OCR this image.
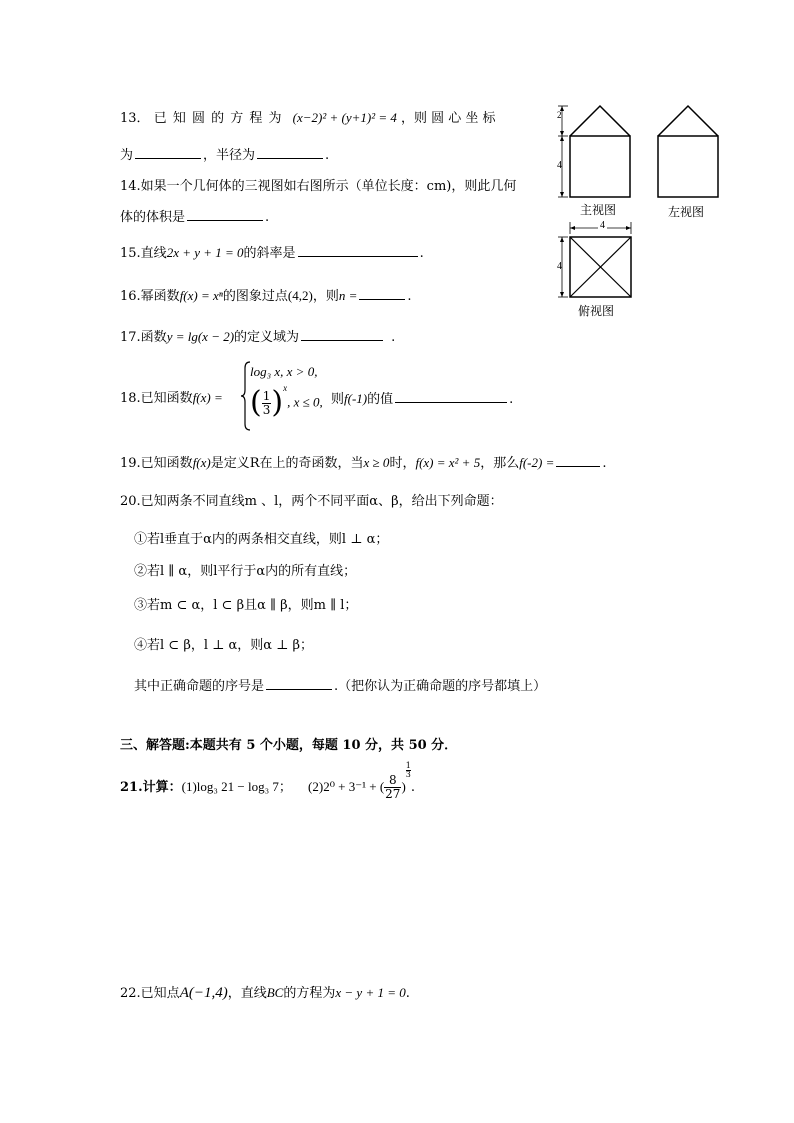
13． 已 知 圆 的 方 程 为 (x−2)² + (y+1)² = 4 ，则 圆 心 坐 标
为	，半径为	.
14.如果一个几何体的三视图如右图所示（单位长度：cm)，则此几何
体的体积是	.
15.直线2x + y + 1 = 0的斜率是	.
16.幂函数f(x) = xⁿ的图象过点(4,2)，则n =	.
17.函数y = lg(x − 2)的定义域为	.
18.已知函数f(x) =
log₃ x, x > 0,
( $\frac{1}{3} )^x$, x ≤ 0, 则f(-1)的值	.
19.已知函数f(x)是定义R在上的奇函数，当x ≥ 0时，f(x) = x² + 5，那么f(-2) =	.
20.已知两条不同直线m 、l，两个不同平面α、β，给出下列命题：
①若l垂直于α内的两条相交直线，则l ⊥ α；
②若l ∥ α，则l平行于α内的所有直线；
③若m ⊂ α，l ⊂ β且α ∥ β，则m ∥ l；
④若l ⊂ β，l ⊥ α，则α ⊥ β；
其中正确命题的序号是	.（把你认为正确命题的序号都填上）
三、解答题:本题共有 5 个小题，每题 10 分，共 50 分．
21.计算：(1)log₃ 21 − log₃ 7； (2)2⁰ + 3⁻¹ + ( $\frac{8}{27}$ )
$\frac{1}{3}$
.
22.已知点A(−1,4)，直线BC的方程为x − y + 1 = 0.
2
4
主视图	左视图
4
4
俯视图
